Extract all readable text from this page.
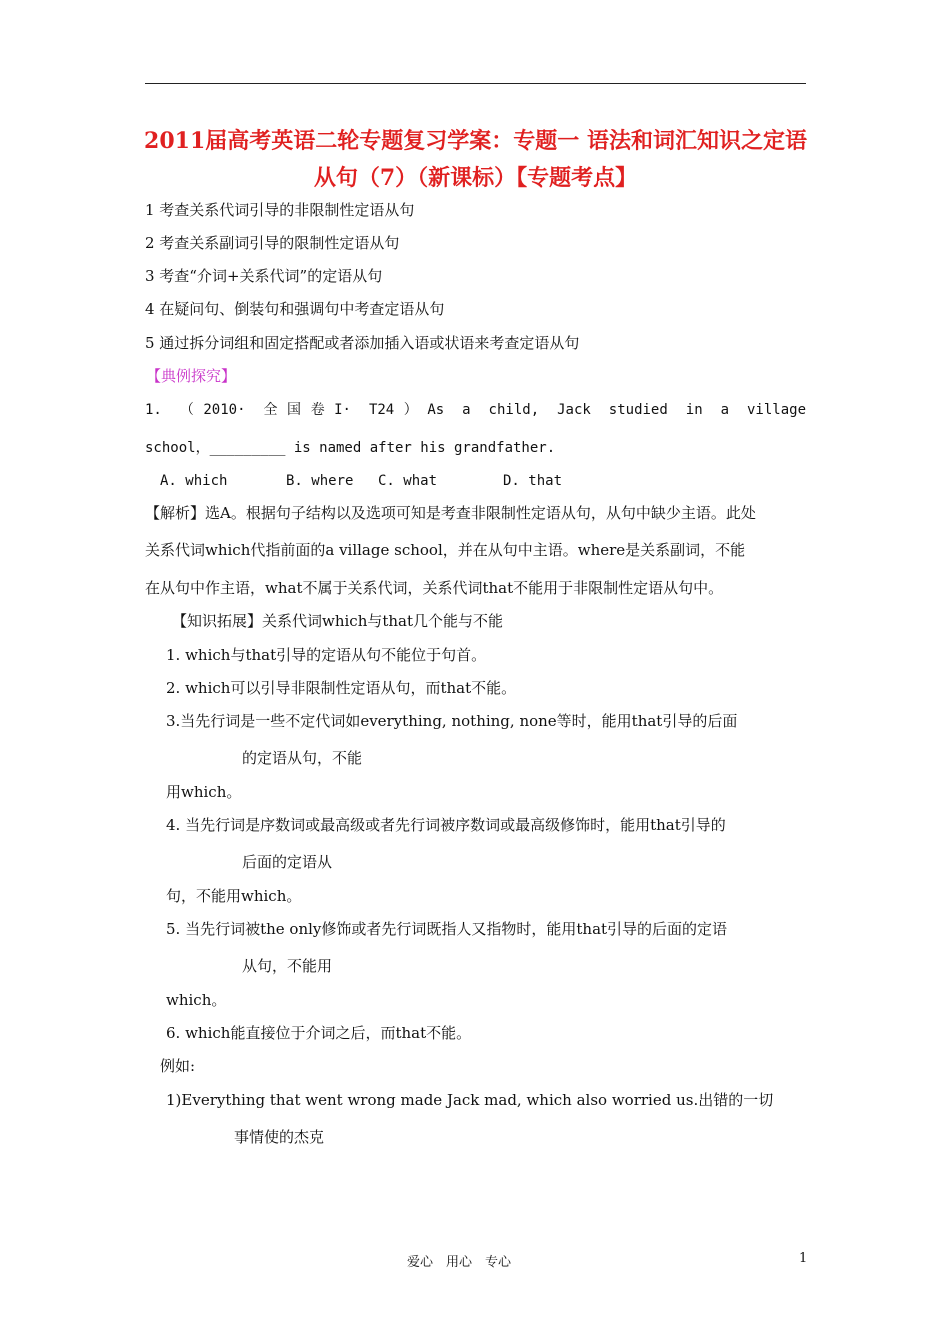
2011届高考英语二轮专题复习学案：专题一 语法和词汇知识之定语
从句（7）（新课标）【专题考点】
1 考查关系代词引导的非限制性定语从句
2 考查关系副词引导的限制性定语从句
3 考查“介词+关系代词”的定语从句
4 在疑问句、倒装句和强调句中考查定语从句
5 通过拆分词组和固定搭配或者添加插入语或状语来考查定语从句
【典例探究】
1. （2010· 全国卷I· T24）As a child, Jack studied in a village
school，_________ is named after his grandfather.
A. which	B. where C. what	D. that
【解析】选A。根据句子结构以及选项可知是考查非限制性定语从句，从句中缺少主语。此处
关系代词which代指前面的a village school，并在从句中主语。where是关系副词，不能
在从句中作主语，what不属于关系代词，关系代词that不能用于非限制性定语从句中。
【知识拓展】关系代词which与that几个能与不能
1. which与that引导的定语从句不能位于句首。
2. which可以引导非限制性定语从句，而that不能。
3.当先行词是一些不定代词如everything, nothing, none等时，能用that引导的后面
的定语从句，不能
用which。
4. 当先行词是序数词或最高级或者先行词被序数词或最高级修饰时，能用that引导的
后面的定语从
句，不能用which。
5. 当先行词被the only修饰或者先行词既指人又指物时，能用that引导的后面的定语
从句，不能用
which。
6. which能直接位于介词之后，而that不能。
例如:
1)Everything that went wrong made Jack mad, which also worried us.出错的一切
事情使的杰克
爱心　用心　专心	1
